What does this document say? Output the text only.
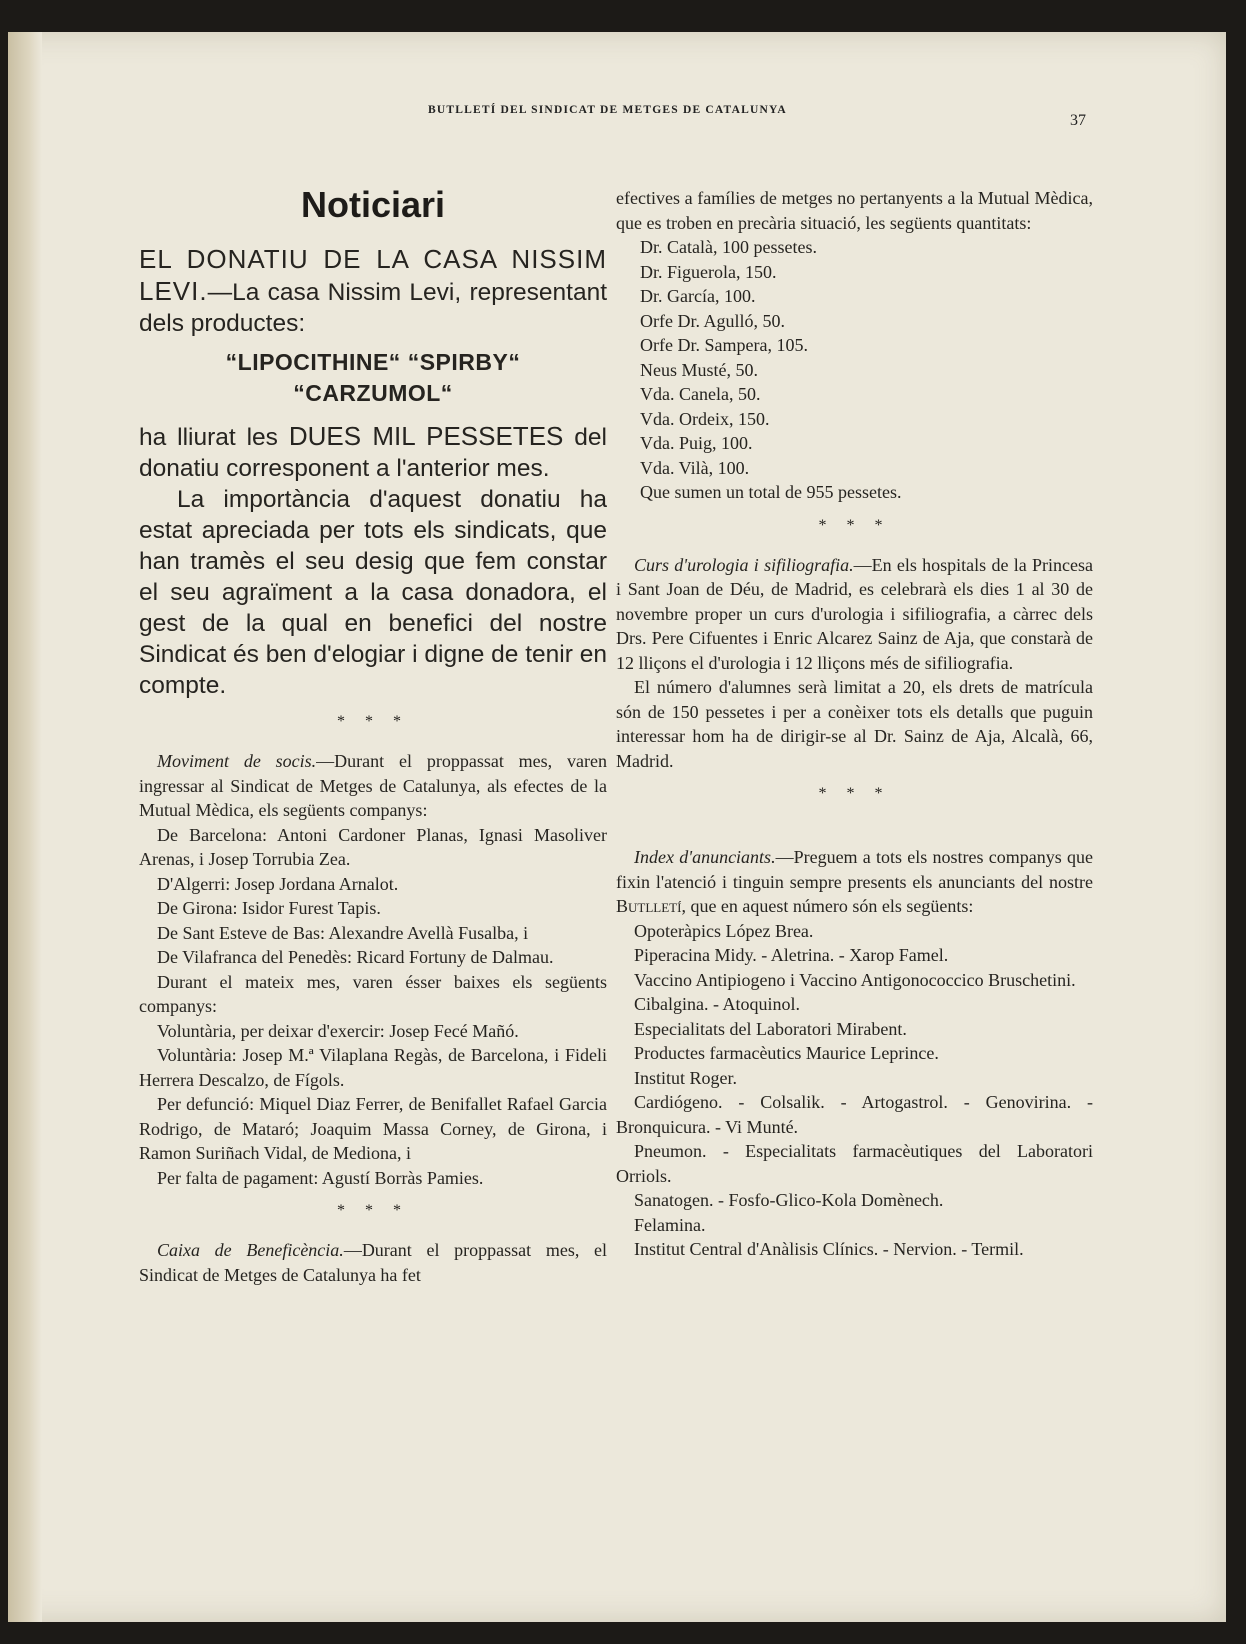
BUTLLETÍ DEL SINDICAT DE METGES DE CATALUNYA
37
Noticiari

EL DONATIU DE LA CASA NISSIM LEVI.—La casa Nissim Levi, representant dels productes:

“LIPOCITHINE“ “SPIRBY“
“CARZUMOL“

ha lliurat les DUES MIL PESSETES del donatiu corresponent a l'anterior mes.

La importància d'aquest donatiu ha estat apreciada per tots els sindicats, que han tramès el seu desig que fem constar el seu agraïment a la casa donadora, el gest de la qual en benefici del nostre Sindicat és ben d'elogiar i digne de tenir en compte.

* * *

Moviment de socis.—Durant el proppassat mes, varen ingressar al Sindicat de Metges de Catalunya, als efectes de la Mutual Mèdica, els següents companys:

De Barcelona: Antoni Cardoner Planas, Ignasi Masoliver Arenas, i Josep Torrubia Zea.

D'Algerri: Josep Jordana Arnalot.

De Girona: Isidor Furest Tapis.

De Sant Esteve de Bas: Alexandre Avellà Fusalba, i

De Vilafranca del Penedès: Ricard Fortuny de Dalmau.

Durant el mateix mes, varen ésser baixes els següents companys:

Voluntària, per deixar d'exercir: Josep Fecé Mañó.

Voluntària: Josep M.ª Vilaplana Regàs, de Barcelona, i Fideli Herrera Descalzo, de Fígols.

Per defunció: Miquel Diaz Ferrer, de Benifallet Rafael Garcia Rodrigo, de Mataró; Joaquim Massa Corney, de Girona, i Ramon Suriñach Vidal, de Mediona, i

Per falta de pagament: Agustí Borràs Pamies.

* * *

Caixa de Beneficència.—Durant el proppassat mes, el Sindicat de Metges de Catalunya ha fet

efectives a famílies de metges no pertanyents a la Mutual Mèdica, que es troben en precària situació, les següents quantitats:

Dr. Català, 100 pessetes.

Dr. Figuerola, 150.

Dr. García, 100.

Orfe Dr. Agulló, 50.

Orfe Dr. Sampera, 105.

Neus Musté, 50.

Vda. Canela, 50.

Vda. Ordeix, 150.

Vda. Puig, 100.

Vda. Vilà, 100.

Que sumen un total de 955 pessetes.

* * *

Curs d'urologia i sifiliografia.—En els hospitals de la Princesa i Sant Joan de Déu, de Madrid, es celebrarà els dies 1 al 30 de novembre proper un curs d'urologia i sifiliografia, a càrrec dels Drs. Pere Cifuentes i Enric Alcarez Sainz de Aja, que constarà de 12 lliçons el d'urologia i 12 lliçons més de sifiliografia.

El número d'alumnes serà limitat a 20, els drets de matrícula són de 150 pessetes i per a conèixer tots els detalls que puguin interessar hom ha de dirigir-se al Dr. Sainz de Aja, Alcalà, 66, Madrid.

* * *

Index d'anunciants.—Preguem a tots els nostres companys que fixin l'atenció i tinguin sempre presents els anunciants del nostre Butlletí, que en aquest número són els següents:

Opoteràpics López Brea.

Piperacina Midy. - Aletrina. - Xarop Famel.

Vaccino Antipiogeno i Vaccino Antigonococcico Bruschetini.

Cibalgina. - Atoquinol.

Especialitats del Laboratori Mirabent.

Productes farmacèutics Maurice Leprince.

Institut Roger.

Cardiógeno. - Colsalik. - Artogastrol. - Genovirina. - Bronquicura. - Vi Munté.

Pneumon. - Especialitats farmacèutiques del Laboratori Orriols.

Sanatogen. - Fosfo-Glico-Kola Domènech.

Felamina.

Institut Central d'Anàlisis Clínics. - Nervion. - Termil.
